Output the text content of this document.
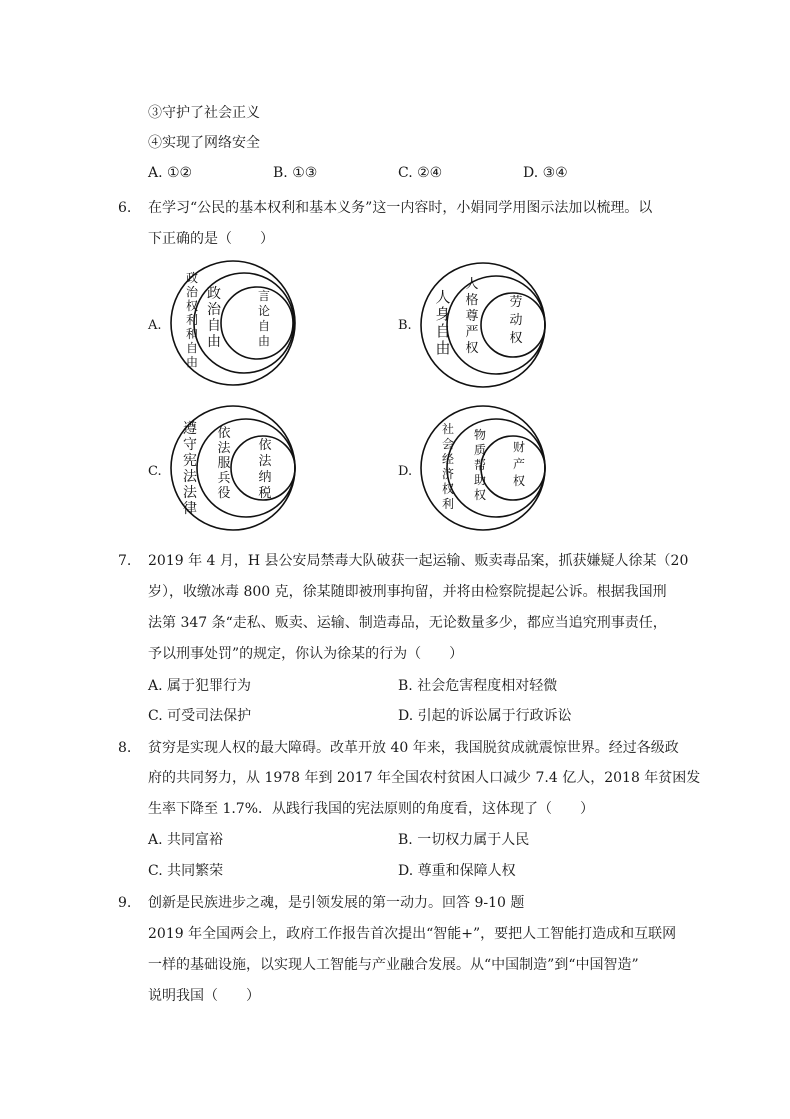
③守护了社会正义
④实现了网络安全
A. ①②	B. ①③	C. ②④	D. ③④
6. 在学习“公民的基本权利和基本义务”这一内容时，小娟同学用图示法加以梳理。以
下正确的是（　　）
A.
政
治
权
利
和
自
由
政
治
自
由
言
论
自
由
B.
人
身
自
由
人
格
尊
严
权
劳
动
权
C.
遵
守
宪
法
法
律
依
法
服
兵
役
依
法
纳
税
D.
社
会
经
济
权
利
物
质
帮
助
权
财
产
权
7. 2019 年 4 月，H 县公安局禁毒大队破获一起运输、贩卖毒品案，抓获嫌疑人徐某（20
岁），收缴冰毒 800 克，徐某随即被刑事拘留，并将由检察院提起公诉。根据我国刑
法第 347 条“走私、贩卖、运输、制造毒品，无论数量多少，都应当追究刑事责任，
予以刑事处罚”的规定，你认为徐某的行为（　　）
A. 属于犯罪行为	B. 社会危害程度相对轻微
C. 可受司法保护	D. 引起的诉讼属于行政诉讼
8. 贫穷是实现人权的最大障碍。改革开放 40 年来，我国脱贫成就震惊世界。经过各级政
府的共同努力，从 1978 年到 2017 年全国农村贫困人口减少 7.4 亿人，2018 年贫困发
生率下降至 1.7%．从践行我国的宪法原则的角度看，这体现了（　　）
A. 共同富裕	B. 一切权力属于人民
C. 共同繁荣	D. 尊重和保障人权
9. 创新是民族进步之魂，是引领发展的第一动力。回答 9-10 题
2019 年全国两会上，政府工作报告首次提出“智能+”，要把人工智能打造成和互联网
一样的基础设施，以实现人工智能与产业融合发展。从“中国制造”到“中国智造”
说明我国（　　）
